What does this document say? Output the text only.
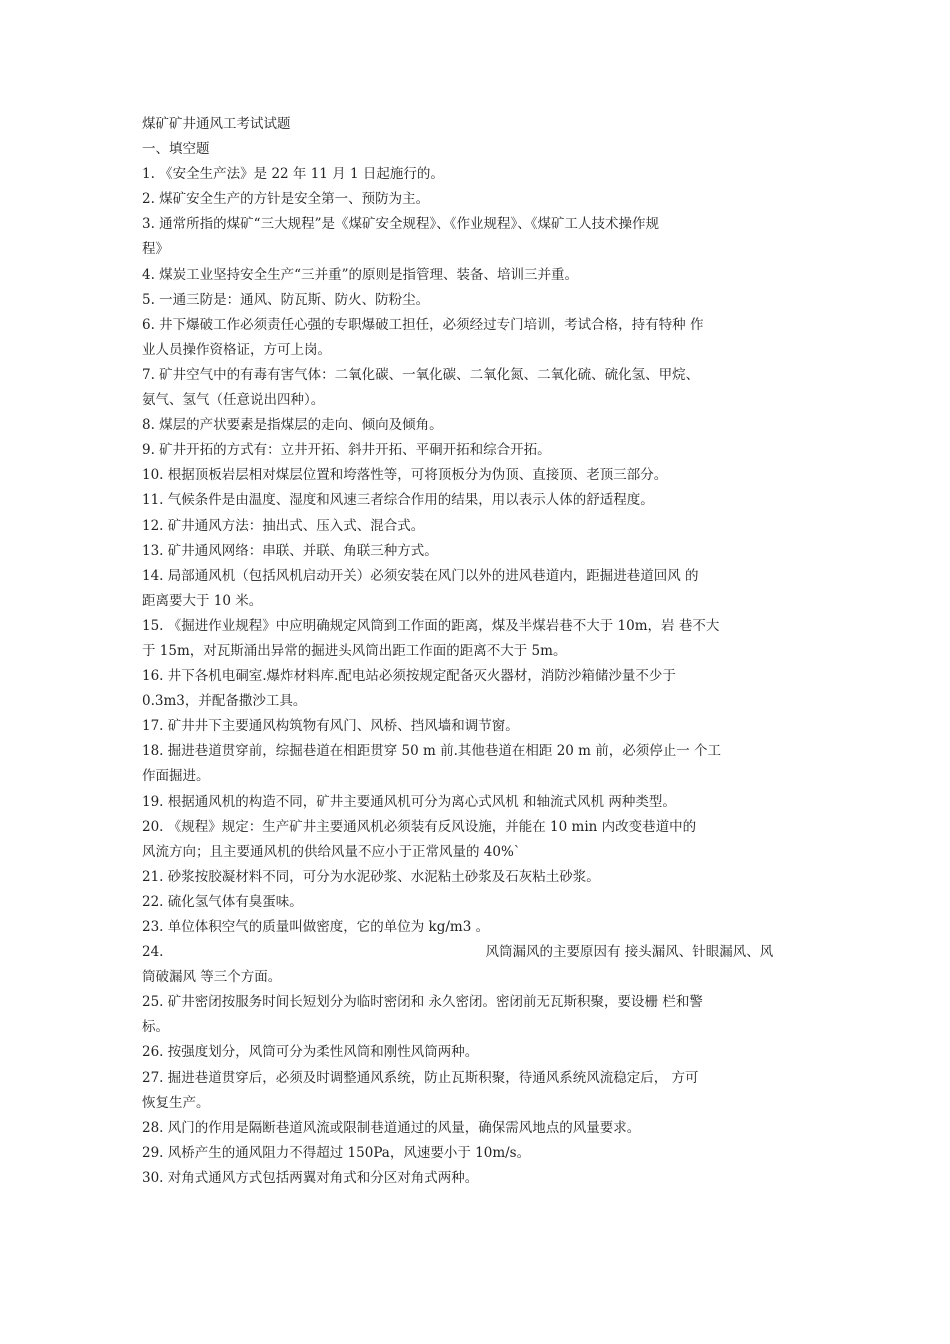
煤矿矿井通风工考试试题
一、填空题
1. 《安全生产法》是 22 年 11 月 1 日起施行的。
2. 煤矿安全生产的方针是安全第一、预防为主。
3. 通常所指的煤矿“三大规程”是《煤矿安全规程》、《作业规程》、《煤矿工人技术操作规
程》
4. 煤炭工业坚持安全生产“三并重”的原则是指管理、装备、培训三并重。
5. 一通三防是：通风、防瓦斯、防火、防粉尘。
6. 井下爆破工作必须责任心强的专职爆破工担任，必须经过专门培训，考试合格，持有特种 作
业人员操作资格证，方可上岗。
7. 矿井空气中的有毒有害气体：二氧化碳、一氧化碳、二氧化氮、二氧化硫、硫化氢、甲烷、
氨气、氢气（任意说出四种）。
8. 煤层的产状要素是指煤层的走向、倾向及倾角。
9. 矿井开拓的方式有：立井开拓、斜井开拓、平硐开拓和综合开拓。
10. 根据顶板岩层相对煤层位置和垮落性等，可将顶板分为伪顶、直接顶、老顶三部分。
11. 气候条件是由温度、湿度和风速三者综合作用的结果，用以表示人体的舒适程度。
12. 矿井通风方法：抽出式、压入式、混合式。
13. 矿井通风网络：串联、并联、角联三种方式。
14. 局部通风机（包括风机启动开关）必须安装在风门以外的进风巷道内，距掘进巷道回风 的
距离要大于 10 米。
15. 《掘进作业规程》中应明确规定风筒到工作面的距离，煤及半煤岩巷不大于 10m，岩 巷不大
于 15m，对瓦斯涌出异常的掘进头风筒出距工作面的距离不大于 5m。
16. 井下各机电硐室.爆炸材料库.配电站必须按规定配备灭火器材，消防沙箱储沙量不少于
0.3m3，并配备撒沙工具。
17. 矿井井下主要通风构筑物有风门、风桥、挡风墙和调节窗。
18. 掘进巷道贯穿前，综掘巷道在相距贯穿 50 m 前.其他巷道在相距 20 m 前，必须停止一 个工
作面掘进。
19. 根据通风机的构造不同，矿井主要通风机可分为离心式风机 和轴流式风机 两种类型。
20. 《规程》规定：生产矿井主要通风机必须装有反风设施，并能在 10 min 内改变巷道中的
风流方向；且主要通风机的供给风量不应小于正常风量的 40%`
21. 砂浆按胶凝材料不同，可分为水泥砂浆、水泥粘土砂浆及石灰粘土砂浆。
22. 硫化氢气体有臭蛋味。
23. 单位体积空气的质量叫做密度，它的单位为 kg/m3 。
24.	风筒漏风的主要原因有 接头漏风、针眼漏风、风
筒破漏风 等三个方面。
25. 矿井密闭按服务时间长短划分为临时密闭和 永久密闭。密闭前无瓦斯积聚，要设栅 栏和警
标。
26. 按强度划分，风筒可分为柔性风筒和刚性风筒两种。
27. 掘进巷道贯穿后，必须及时调整通风系统，防止瓦斯积聚，待通风系统风流稳定后， 方可
恢复生产。
28. 风门的作用是隔断巷道风流或限制巷道通过的风量，确保需风地点的风量要求。
29. 风桥产生的通风阻力不得超过 150Pa，风速要小于 10m/s。
30. 对角式通风方式包括两翼对角式和分区对角式两种。
